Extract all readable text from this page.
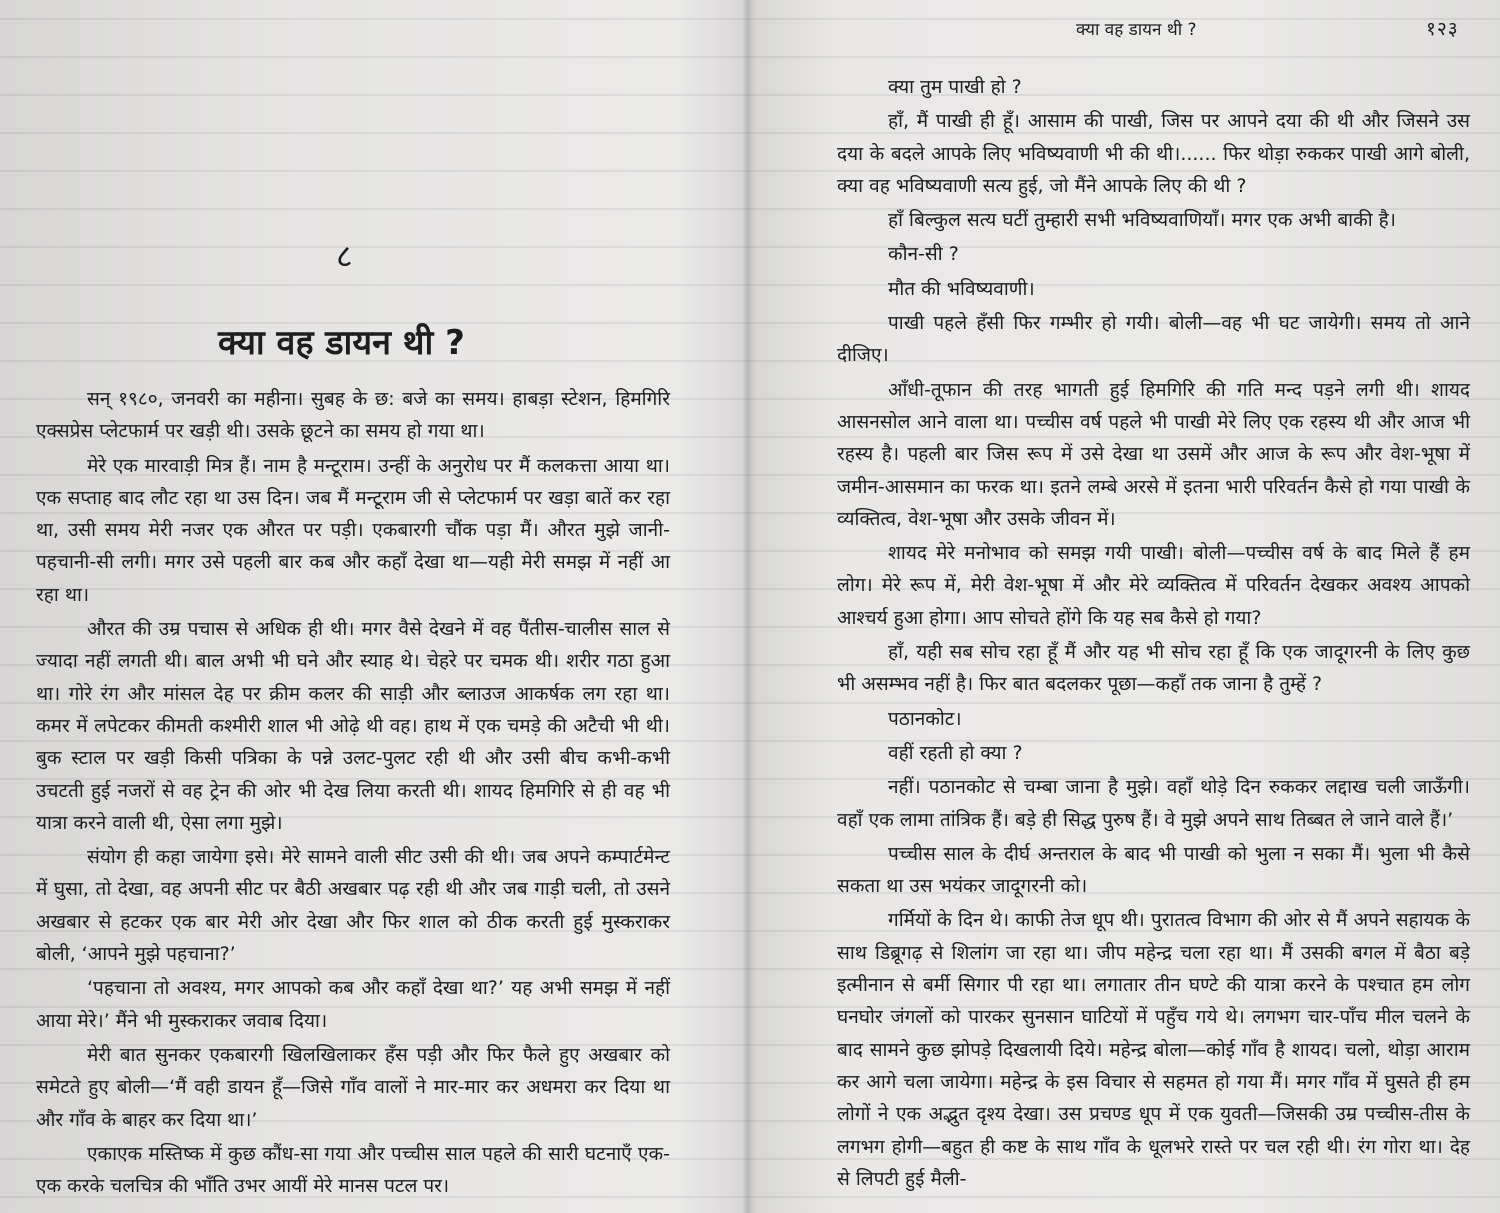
८
क्या वह डायन थी ?

सन् १९८०, जनवरी का महीना। सुबह के छ: बजे का समय। हाबड़ा स्टेशन, हिमगिरि एक्सप्रेस प्लेटफार्म पर खड़ी थी। उसके छूटने का समय हो गया था।

मेरे एक मारवाड़ी मित्र हैं। नाम है मन्टूराम। उन्हीं के अनुरोध पर मैं कलकत्ता आया था। एक सप्ताह बाद लौट रहा था उस दिन। जब मैं मन्टूराम जी से प्लेटफार्म पर खड़ा बातें कर रहा था, उसी समय मेरी नजर एक औरत पर पड़ी। एकबारगी चौंक पड़ा मैं। औरत मुझे जानी-पहचानी-सी लगी। मगर उसे पहली बार कब और कहाँ देखा था—यही मेरी समझ में नहीं आ रहा था।

औरत की उम्र पचास से अधिक ही थी। मगर वैसे देखने में वह पैंतीस-चालीस साल से ज्यादा नहीं लगती थी। बाल अभी भी घने और स्याह थे। चेहरे पर चमक थी। शरीर गठा हुआ था। गोरे रंग और मांसल देह पर क्रीम कलर की साड़ी और ब्लाउज आकर्षक लग रहा था। कमर में लपेटकर कीमती कश्मीरी शाल भी ओढ़े थी वह। हाथ में एक चमड़े की अटैची भी थी। बुक स्टाल पर खड़ी किसी पत्रिका के पन्ने उलट-पुलट रही थी और उसी बीच कभी-कभी उचटती हुई नजरों से वह ट्रेन की ओर भी देख लिया करती थी। शायद हिमगिरि से ही वह भी यात्रा करने वाली थी, ऐसा लगा मुझे।

संयोग ही कहा जायेगा इसे। मेरे सामने वाली सीट उसी की थी। जब अपने कम्पार्टमेन्ट में घुसा, तो देखा, वह अपनी सीट पर बैठी अखबार पढ़ रही थी और जब गाड़ी चली, तो उसने अखबार से हटकर एक बार मेरी ओर देखा और फिर शाल को ठीक करती हुई मुस्कराकर बोली, ‘आपने मुझे पहचाना?’

‘पहचाना तो अवश्य, मगर आपको कब और कहाँ देखा था?’ यह अभी समझ में नहीं आया मेरे।’ मैंने भी मुस्कराकर जवाब दिया।

मेरी बात सुनकर एकबारगी खिलखिलाकर हँस पड़ी और फिर फैले हुए अखबार को समेटते हुए बोली—‘मैं वही डायन हूँ—जिसे गाँव वालों ने मार-मार कर अधमरा कर दिया था और गाँव के बाहर कर दिया था।’

एकाएक मस्तिष्क में कुछ कौंध-सा गया और पच्चीस साल पहले की सारी घटनाएँ एक-एक करके चलचित्र की भाँति उभर आयीं मेरे मानस पटल पर।

क्या वह डायन थी ?	१२३

क्या तुम पाखी हो ?

हाँ, मैं पाखी ही हूँ। आसाम की पाखी, जिस पर आपने दया की थी और जिसने उस दया के बदले आपके लिए भविष्यवाणी भी की थी।...... फिर थोड़ा रुककर पाखी आगे बोली, क्या वह भविष्यवाणी सत्य हुई, जो मैंने आपके लिए की थी ?

हाँ बिल्कुल सत्य घटीं तुम्हारी सभी भविष्यवाणियाँ। मगर एक अभी बाकी है।

कौन-सी ?

मौत की भविष्यवाणी।

पाखी पहले हँसी फिर गम्भीर हो गयी। बोली—वह भी घट जायेगी। समय तो आने दीजिए।

आँधी-तूफान की तरह भागती हुई हिमगिरि की गति मन्द पड़ने लगी थी। शायद आसनसोल आने वाला था। पच्चीस वर्ष पहले भी पाखी मेरे लिए एक रहस्य थी और आज भी रहस्य है। पहली बार जिस रूप में उसे देखा था उसमें और आज के रूप और वेश-भूषा में जमीन-आसमान का फरक था। इतने लम्बे अरसे में इतना भारी परिवर्तन कैसे हो गया पाखी के व्यक्तित्व, वेश-भूषा और उसके जीवन में।

शायद मेरे मनोभाव को समझ गयी पाखी। बोली—पच्चीस वर्ष के बाद मिले हैं हम लोग। मेरे रूप में, मेरी वेश-भूषा में और मेरे व्यक्तित्व में परिवर्तन देखकर अवश्य आपको आश्चर्य हुआ होगा। आप सोचते होंगे कि यह सब कैसे हो गया?

हाँ, यही सब सोच रहा हूँ मैं और यह भी सोच रहा हूँ कि एक जादूगरनी के लिए कुछ भी असम्भव नहीं है। फिर बात बदलकर पूछा—कहाँ तक जाना है तुम्हें ?

पठानकोट।

वहीं रहती हो क्या ?

नहीं। पठानकोट से चम्बा जाना है मुझे। वहाँ थोड़े दिन रुककर लद्दाख चली जाऊँगी। वहाँ एक लामा तांत्रिक हैं। बड़े ही सिद्ध पुरुष हैं। वे मुझे अपने साथ तिब्बत ले जाने वाले हैं।’

पच्चीस साल के दीर्घ अन्तराल के बाद भी पाखी को भुला न सका मैं। भुला भी कैसे सकता था उस भयंकर जादूगरनी को।

गर्मियों के दिन थे। काफी तेज धूप थी। पुरातत्व विभाग की ओर से मैं अपने सहायक के साथ डिब्रूगढ़ से शिलांग जा रहा था। जीप महेन्द्र चला रहा था। मैं उसकी बगल में बैठा बड़े इत्मीनान से बर्मी सिगार पी रहा था। लगातार तीन घण्टे की यात्रा करने के पश्चात हम लोग घनघोर जंगलों को पारकर सुनसान घाटियों में पहुँच गये थे। लगभग चार-पाँच मील चलने के बाद सामने कुछ झोपड़े दिखलायी दिये। महेन्द्र बोला—कोई गाँव है शायद। चलो, थोड़ा आराम कर आगे चला जायेगा। महेन्द्र के इस विचार से सहमत हो गया मैं। मगर गाँव में घुसते ही हम लोगों ने एक अद्भुत दृश्य देखा। उस प्रचण्ड धूप में एक युवती—जिसकी उम्र पच्चीस-तीस के लगभग होगी—बहुत ही कष्ट के साथ गाँव के धूलभरे रास्ते पर चल रही थी। रंग गोरा था। देह से लिपटी हुई मैली-
